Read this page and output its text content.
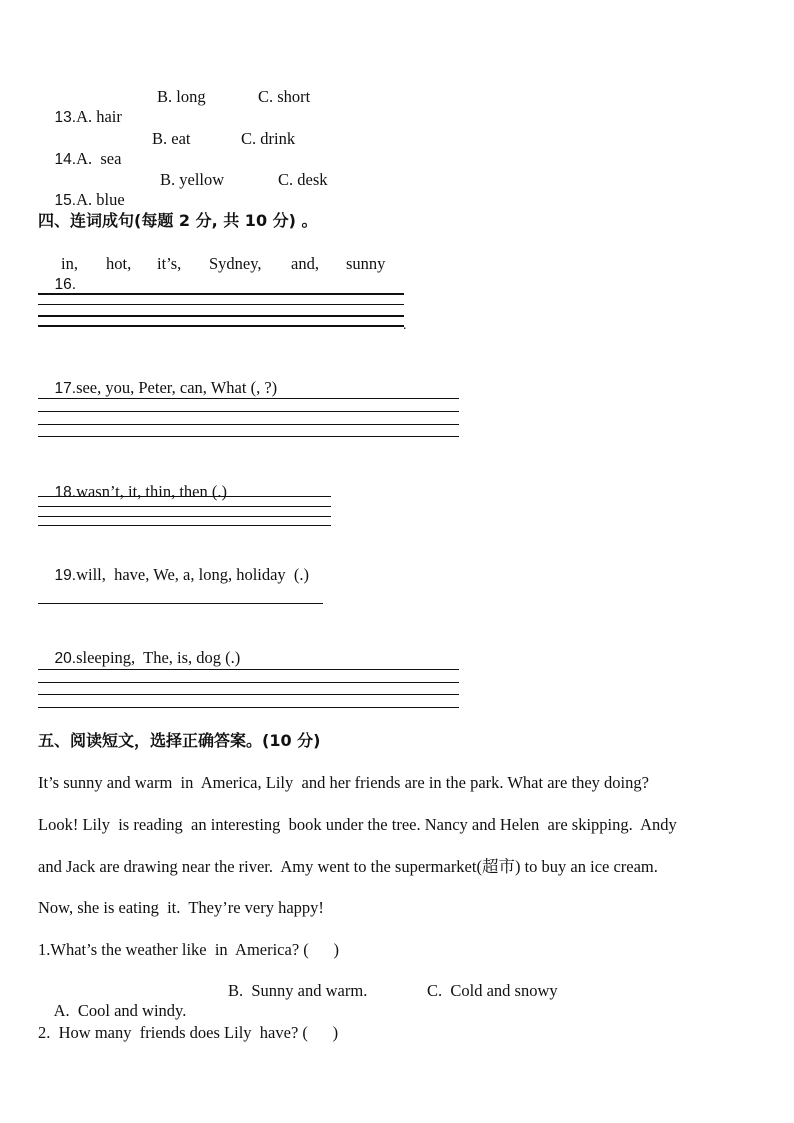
13.A. hair

B. long

	C. short

14.A.  sea

B. eat

	C. drink

15.A. blue

B. yellow

	C. desk

四、连词成句(每题 2 分, 共 10 分) 。

16.

in,

hot,

it’s,

Sydney,

and,

sunny

.

17.see, you, Peter, can, What (, ?)

18.wasn’t, it, thin, then (.)

19.will,  have, We, a, long, holiday  (.)

20.sleeping,  The, is, dog (.)

五、阅读短文，选择正确答案。(10 分)
It’s sunny and warm  in  America, Lily  and her friends are in the park. What are they doing?
Look! Lily  is reading  an interesting  book under the tree. Nancy and Helen  are skipping.  Andy
and Jack are drawing near the river.  Amy went to the supermarket(超市) to buy an ice cream.
Now, she is eating  it.  They’re very happy!
1.What’s the weather like  in  America? (      )

A.  Cool and windy.

B.  Sunny and warm.

	C.  Cold and snowy

2.  How many  friends does Lily  have? (      )
